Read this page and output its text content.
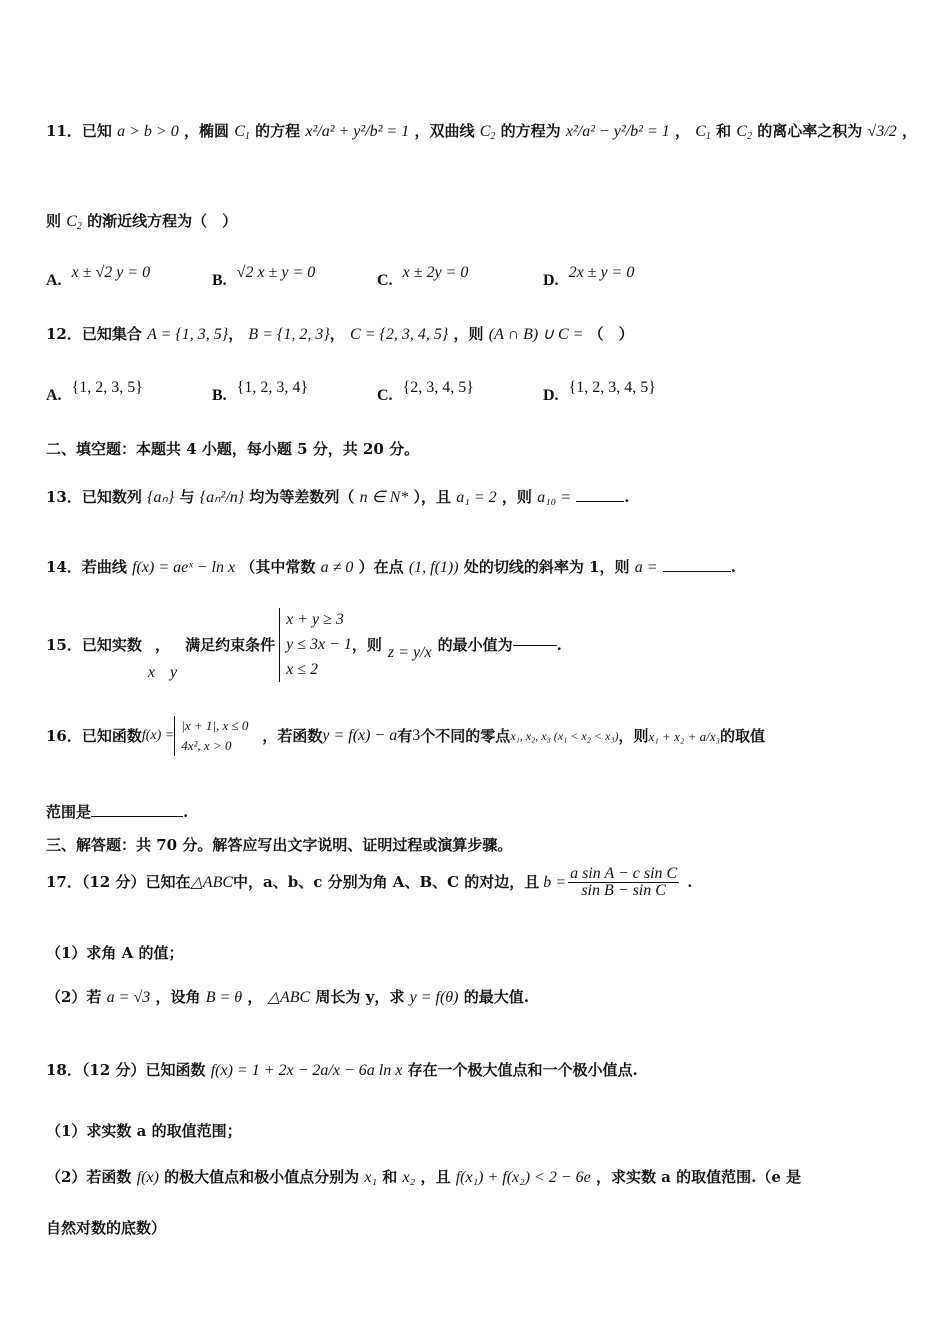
11．已知 a > b > 0 ，椭圆 $C_1$ 的方程 x²/a² + y²/b² = 1 ，双曲线 $C_2$ 的方程为 x²/a² − y²/b² = 1 ， $C_1$ 和 $C_2$ 的离心率之积为 √3/2 ，
则 $C_2$ 的渐近线方程为（　）
A. x ± √2 y = 0	B. √2 x ± y = 0	C. x ± 2y = 0	D. 2x ± y = 0
12．已知集合 A = {1, 3, 5}， B = {1, 2, 3}， C = {2, 3, 4, 5} ，则 (A ∩ B) ∪ C = （　）
A. {1, 2, 3, 5}	B. {1, 2, 3, 4}	C. {2, 3, 4, 5}	D. {1, 2, 3, 4, 5}
二、填空题：本题共 4 小题，每小题 5 分，共 20 分。
13．已知数列 {aₙ} 与 {aₙ²/n} 均为等差数列（ n ∈ N* ），且 a₁ = 2 ，则 a₁₀ =	.
14．若曲线 f(x) = aeˣ − ln x （其中常数 a ≠ 0 ）在点 (1, f(1)) 处的切线的斜率为 1，则 a =	.
15．已知实数
x
，
y
满足约束条件
x + y ≥ 3
y ≤ 3x − 1
x ≤ 2
，则 z = y/x 的最小值为	.
16．已知函数 f(x) =
|x + 1|, x ≤ 0
4x², x > 0
，若函数 y = f(x) − a 有 3 个不同的零点 x₁, x₂, x₃ (x₁ < x₂ < x₃) ，则 x₁ + x₂ + a/x₃ 的取值
范围是	.
三、解答题：共 70 分。解答应写出文字说明、证明过程或演算步骤。
17．（12 分）已知在 △ABC 中，a、b、c 分别为角 A、B、C 的对边，且 $b = \frac{\text{a sin A − c sin C}}{\text{sin B − sin C}}$ .
（1）求角 A 的值；
（2）若 a = √3 ，设角 B = θ ， △ABC 周长为 y，求 y = f(θ) 的最大值.
18．（12 分）已知函数 f(x) = 1 + 2x − 2a/x − 6a ln x 存在一个极大值点和一个极小值点.
（1）求实数 a 的取值范围；
（2）若函数 f(x) 的极大值点和极小值点分别为 x₁ 和 x₂ ，且 f(x₁) + f(x₂) < 2 − 6e ，求实数 a 的取值范围.（e 是
自然对数的底数）
